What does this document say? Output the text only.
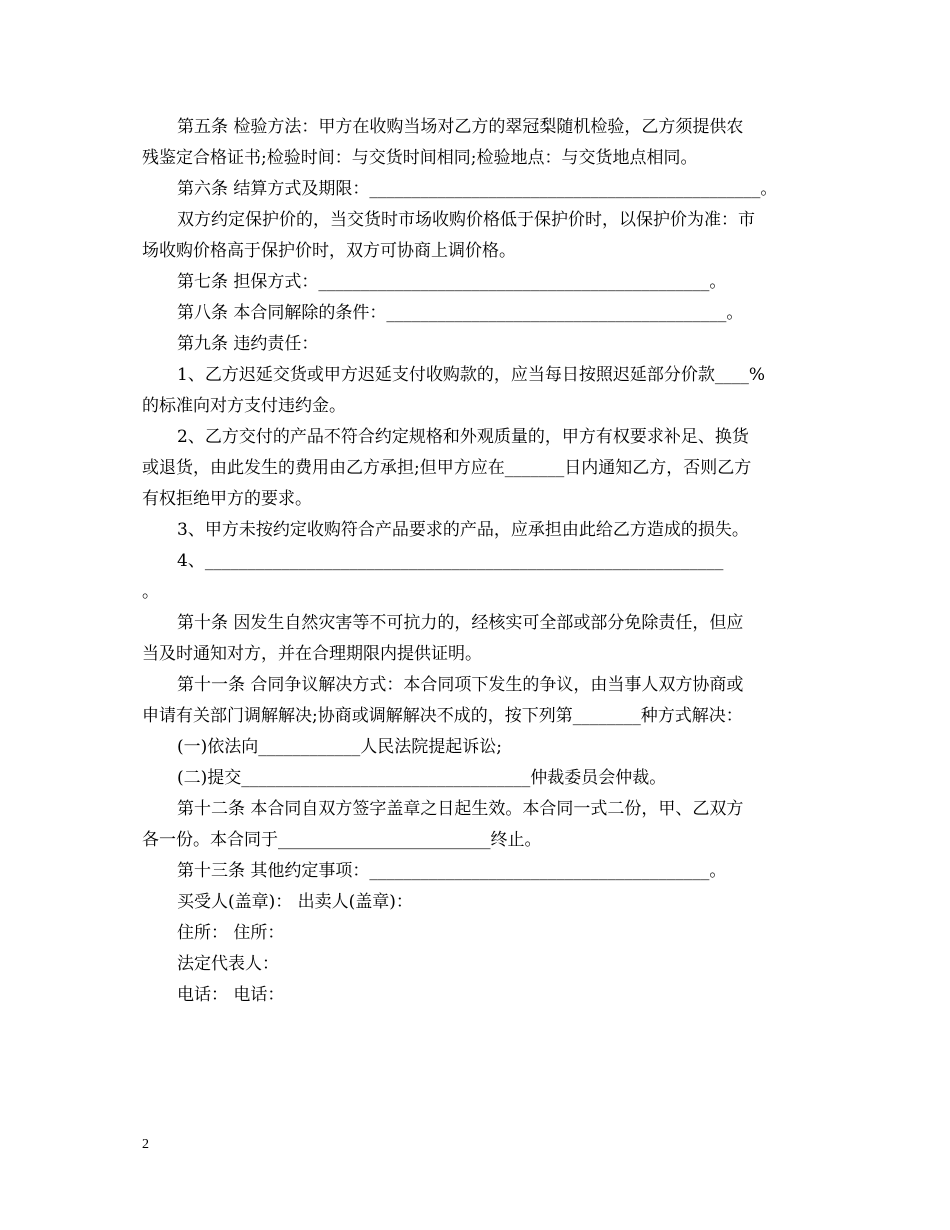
第五条 检验方法：甲方在收购当场对乙方的翠冠梨随机检验，乙方须提供农

残鉴定合格证书;检验时间：与交货时间相同;检验地点：与交货地点相同。

第六条 结算方式及期限：______________________________________________。

双方约定保护价的，当交货时市场收购价格低于保护价时，以保护价为准：市

场收购价格高于保护价时，双方可协商上调价格。

第七条 担保方式：______________________________________________。

第八条 本合同解除的条件：________________________________________。

第九条 违约责任：

1、乙方迟延交货或甲方迟延支付收购款的，应当每日按照迟延部分价款____%

的标准向对方支付违约金。

2、乙方交付的产品不符合约定规格和外观质量的，甲方有权要求补足、换货

或退货，由此发生的费用由乙方承担;但甲方应在_______日内通知乙方，否则乙方

有权拒绝甲方的要求。

3、甲方未按约定收购符合产品要求的产品，应承担由此给乙方造成的损失。

4、_____________________________________________________________

。

第十条 因发生自然灾害等不可抗力的，经核实可全部或部分免除责任，但应

当及时通知对方，并在合理期限内提供证明。

第十一条 合同争议解决方式：本合同项下发生的争议，由当事人双方协商或

申请有关部门调解解决;协商或调解解决不成的，按下列第________种方式解决：

(一)依法向____________人民法院提起诉讼;

(二)提交__________________________________仲裁委员会仲裁。

第十二条 本合同自双方签字盖章之日起生效。本合同一式二份，甲、乙双方

各一份。本合同于_________________________终止。

第十三条 其他约定事项：________________________________________。

买受人(盖章)： 出卖人(盖章)：

住所： 住所：

法定代表人：

电话： 电话：

2
